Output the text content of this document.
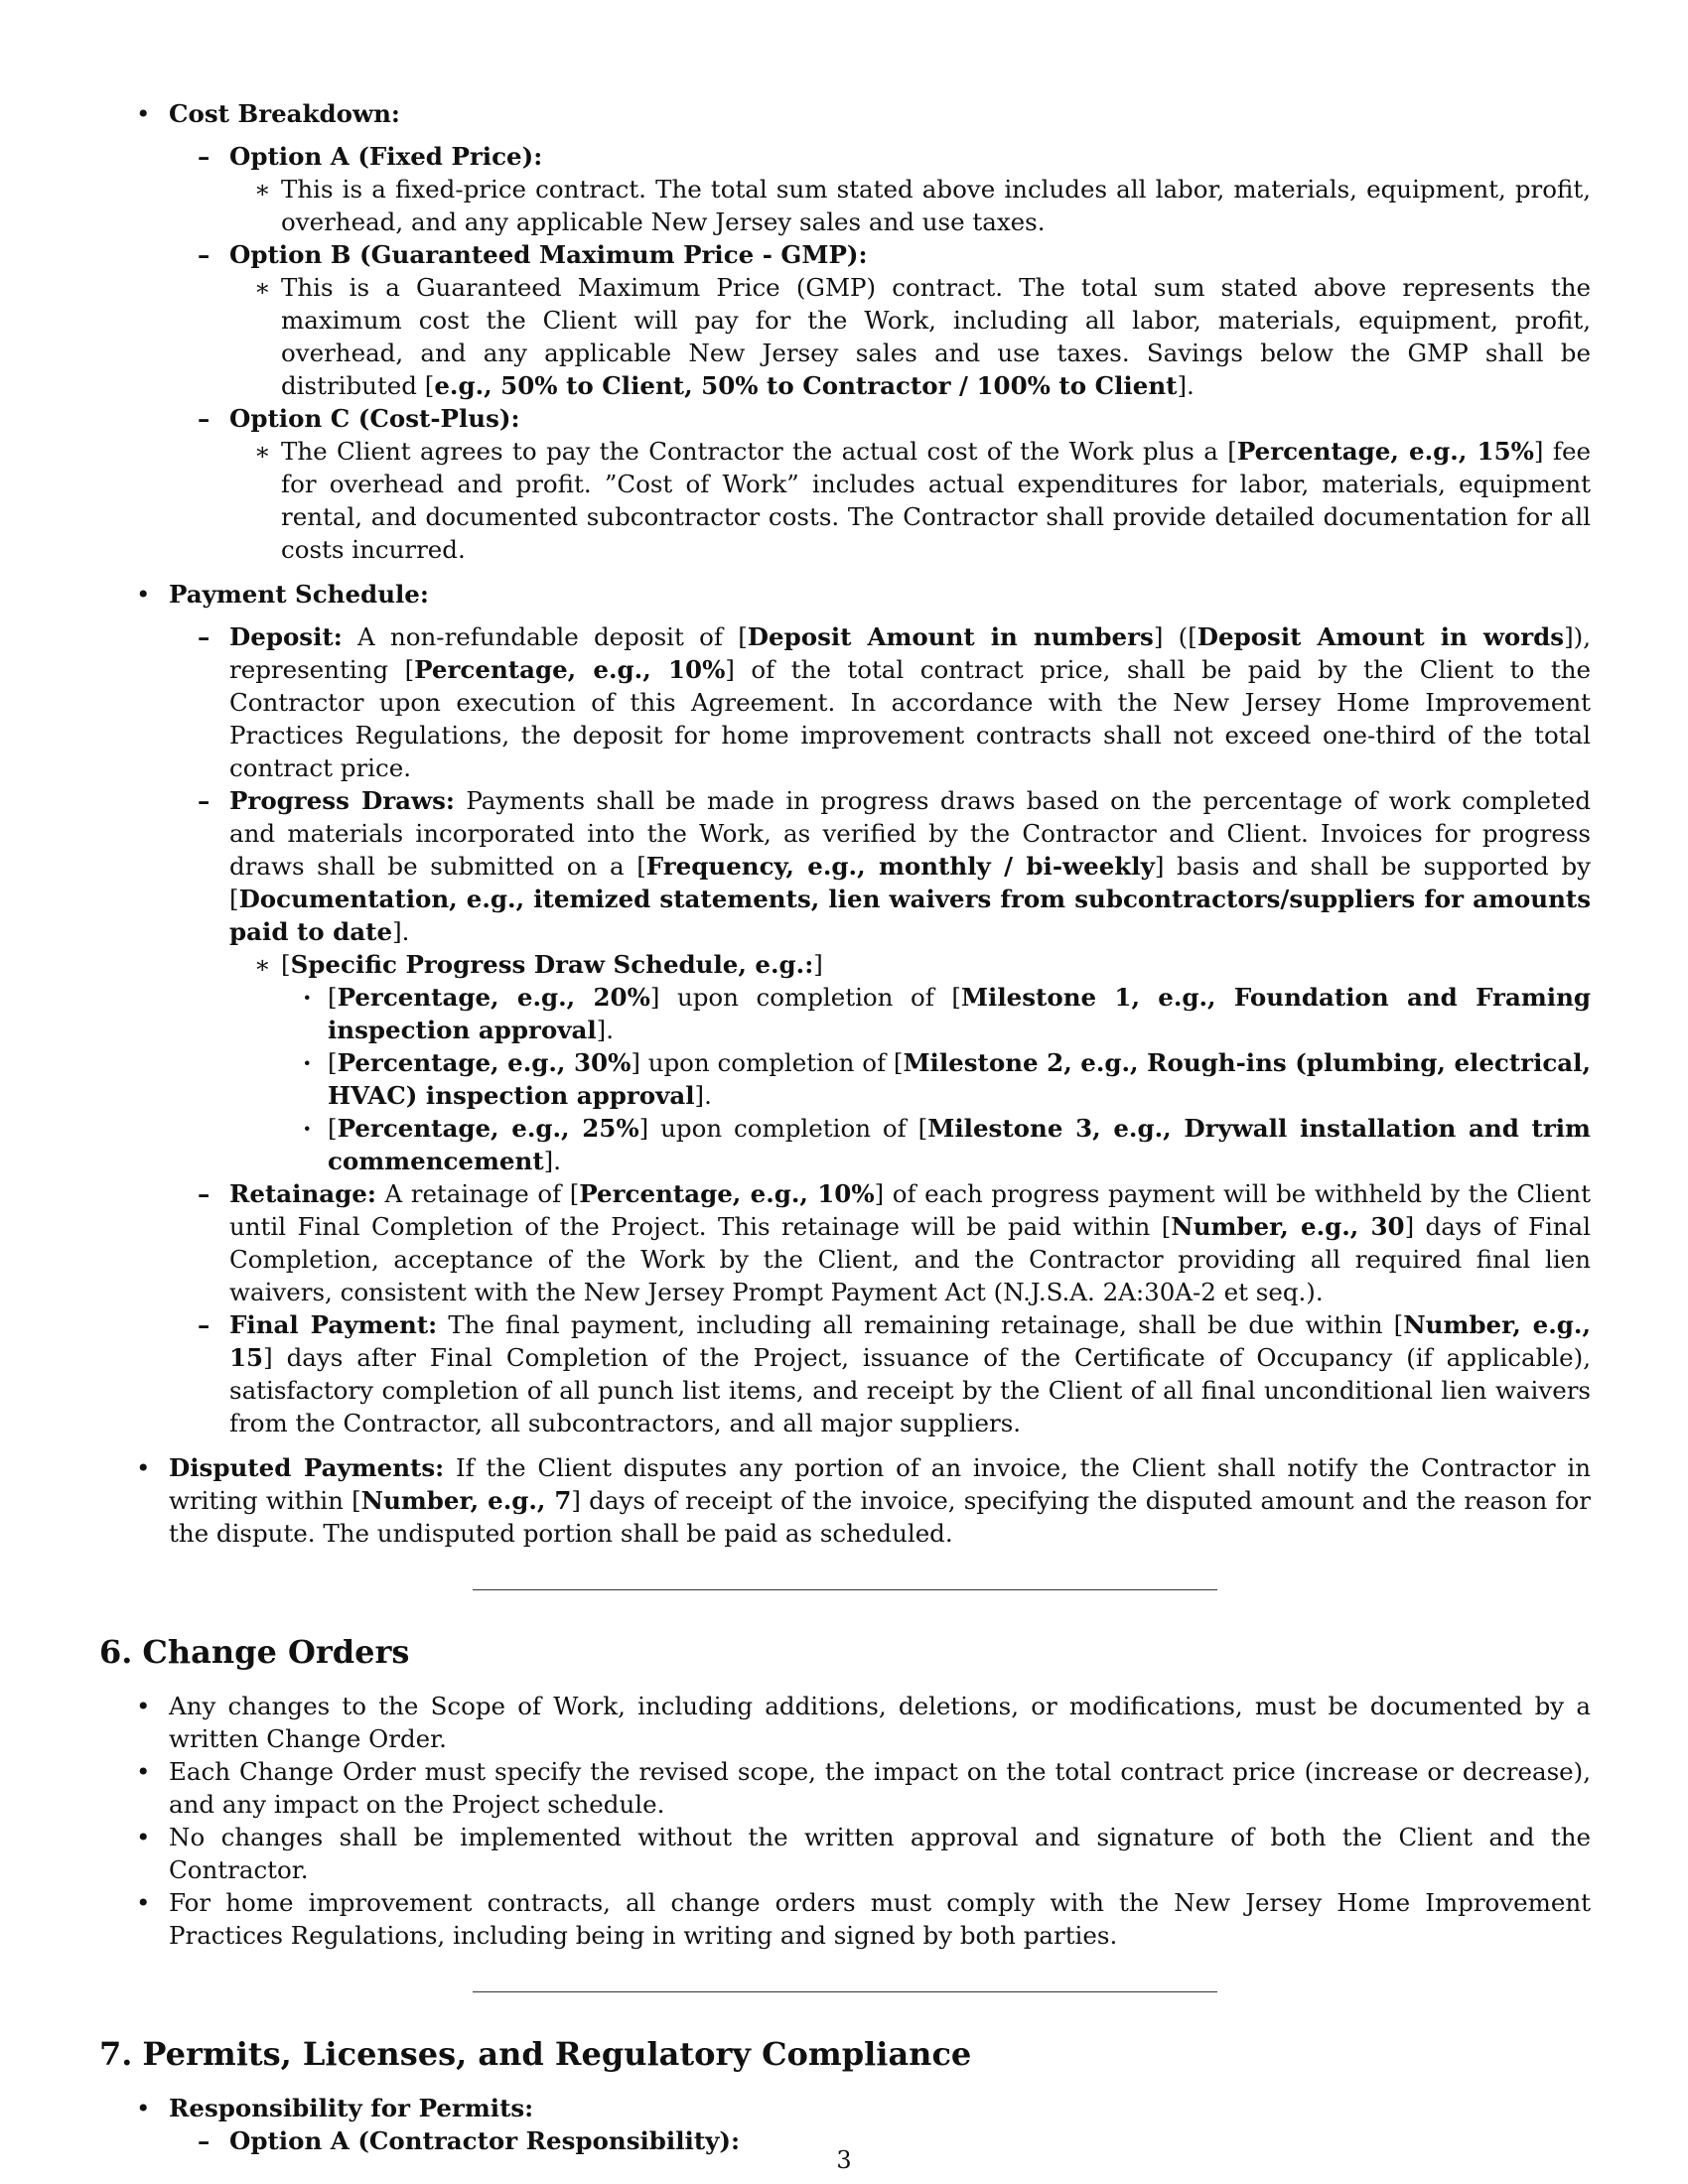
• Cost Breakdown:
– Option A (Fixed Price):
∗ This is a fixed-price contract. The total sum stated above includes all labor, materials, equipment, profit, overhead, and any applicable New Jersey sales and use taxes.
– Option B (Guaranteed Maximum Price - GMP):
∗ This is a Guaranteed Maximum Price (GMP) contract. The total sum stated above represents the maximum cost the Client will pay for the Work, including all labor, materials, equipment, profit, overhead, and any applicable New Jersey sales and use taxes. Savings below the GMP shall be distributed [e.g., 50% to Client, 50% to Contractor / 100% to Client].
– Option C (Cost-Plus):
∗ The Client agrees to pay the Contractor the actual cost of the Work plus a [Percentage, e.g., 15%] fee for overhead and profit. ”Cost of Work” includes actual expenditures for labor, materials, equipment rental, and documented subcontractor costs. The Contractor shall provide detailed documentation for all costs incurred.
• Payment Schedule:
– Deposit: A non-refundable deposit of [Deposit Amount in numbers] ([Deposit Amount in words]), representing [Percentage, e.g., 10%] of the total contract price, shall be paid by the Client to the Contractor upon execution of this Agreement. In accordance with the New Jersey Home Improvement Practices Regulations, the deposit for home improvement contracts shall not exceed one-third of the total contract price.
– Progress Draws: Payments shall be made in progress draws based on the percentage of work completed and materials incorporated into the Work, as verified by the Contractor and Client. Invoices for progress draws shall be submitted on a [Frequency, e.g., monthly / bi-weekly] basis and shall be supported by [Documentation, e.g., itemized statements, lien waivers from subcontractors/suppliers for amounts paid to date].
∗ [Specific Progress Draw Schedule, e.g.:]
· [Percentage, e.g., 20%] upon completion of [Milestone 1, e.g., Foundation and Framing inspection approval].
· [Percentage, e.g., 30%] upon completion of [Milestone 2, e.g., Rough-ins (plumbing, electrical, HVAC) inspection approval].
· [Percentage, e.g., 25%] upon completion of [Milestone 3, e.g., Drywall installation and trim commencement].
– Retainage: A retainage of [Percentage, e.g., 10%] of each progress payment will be withheld by the Client until Final Completion of the Project. This retainage will be paid within [Number, e.g., 30] days of Final Completion, acceptance of the Work by the Client, and the Contractor providing all required final lien waivers, consistent with the New Jersey Prompt Payment Act (N.J.S.A. 2A:30A-2 et seq.).
– Final Payment: The final payment, including all remaining retainage, shall be due within [Number, e.g., 15] days after Final Completion of the Project, issuance of the Certificate of Occupancy (if applicable), satisfactory completion of all punch list items, and receipt by the Client of all final unconditional lien waivers from the Contractor, all subcontractors, and all major suppliers.
• Disputed Payments: If the Client disputes any portion of an invoice, the Client shall notify the Contractor in writing within [Number, e.g., 7] days of receipt of the invoice, specifying the disputed amount and the reason for the dispute. The undisputed portion shall be paid as scheduled.
6. Change Orders
• Any changes to the Scope of Work, including additions, deletions, or modifications, must be documented by a written Change Order.
• Each Change Order must specify the revised scope, the impact on the total contract price (increase or decrease), and any impact on the Project schedule.
• No changes shall be implemented without the written approval and signature of both the Client and the Contractor.
• For home improvement contracts, all change orders must comply with the New Jersey Home Improvement Practices Regulations, including being in writing and signed by both parties.
7. Permits, Licenses, and Regulatory Compliance
• Responsibility for Permits:
– Option A (Contractor Responsibility):
3
